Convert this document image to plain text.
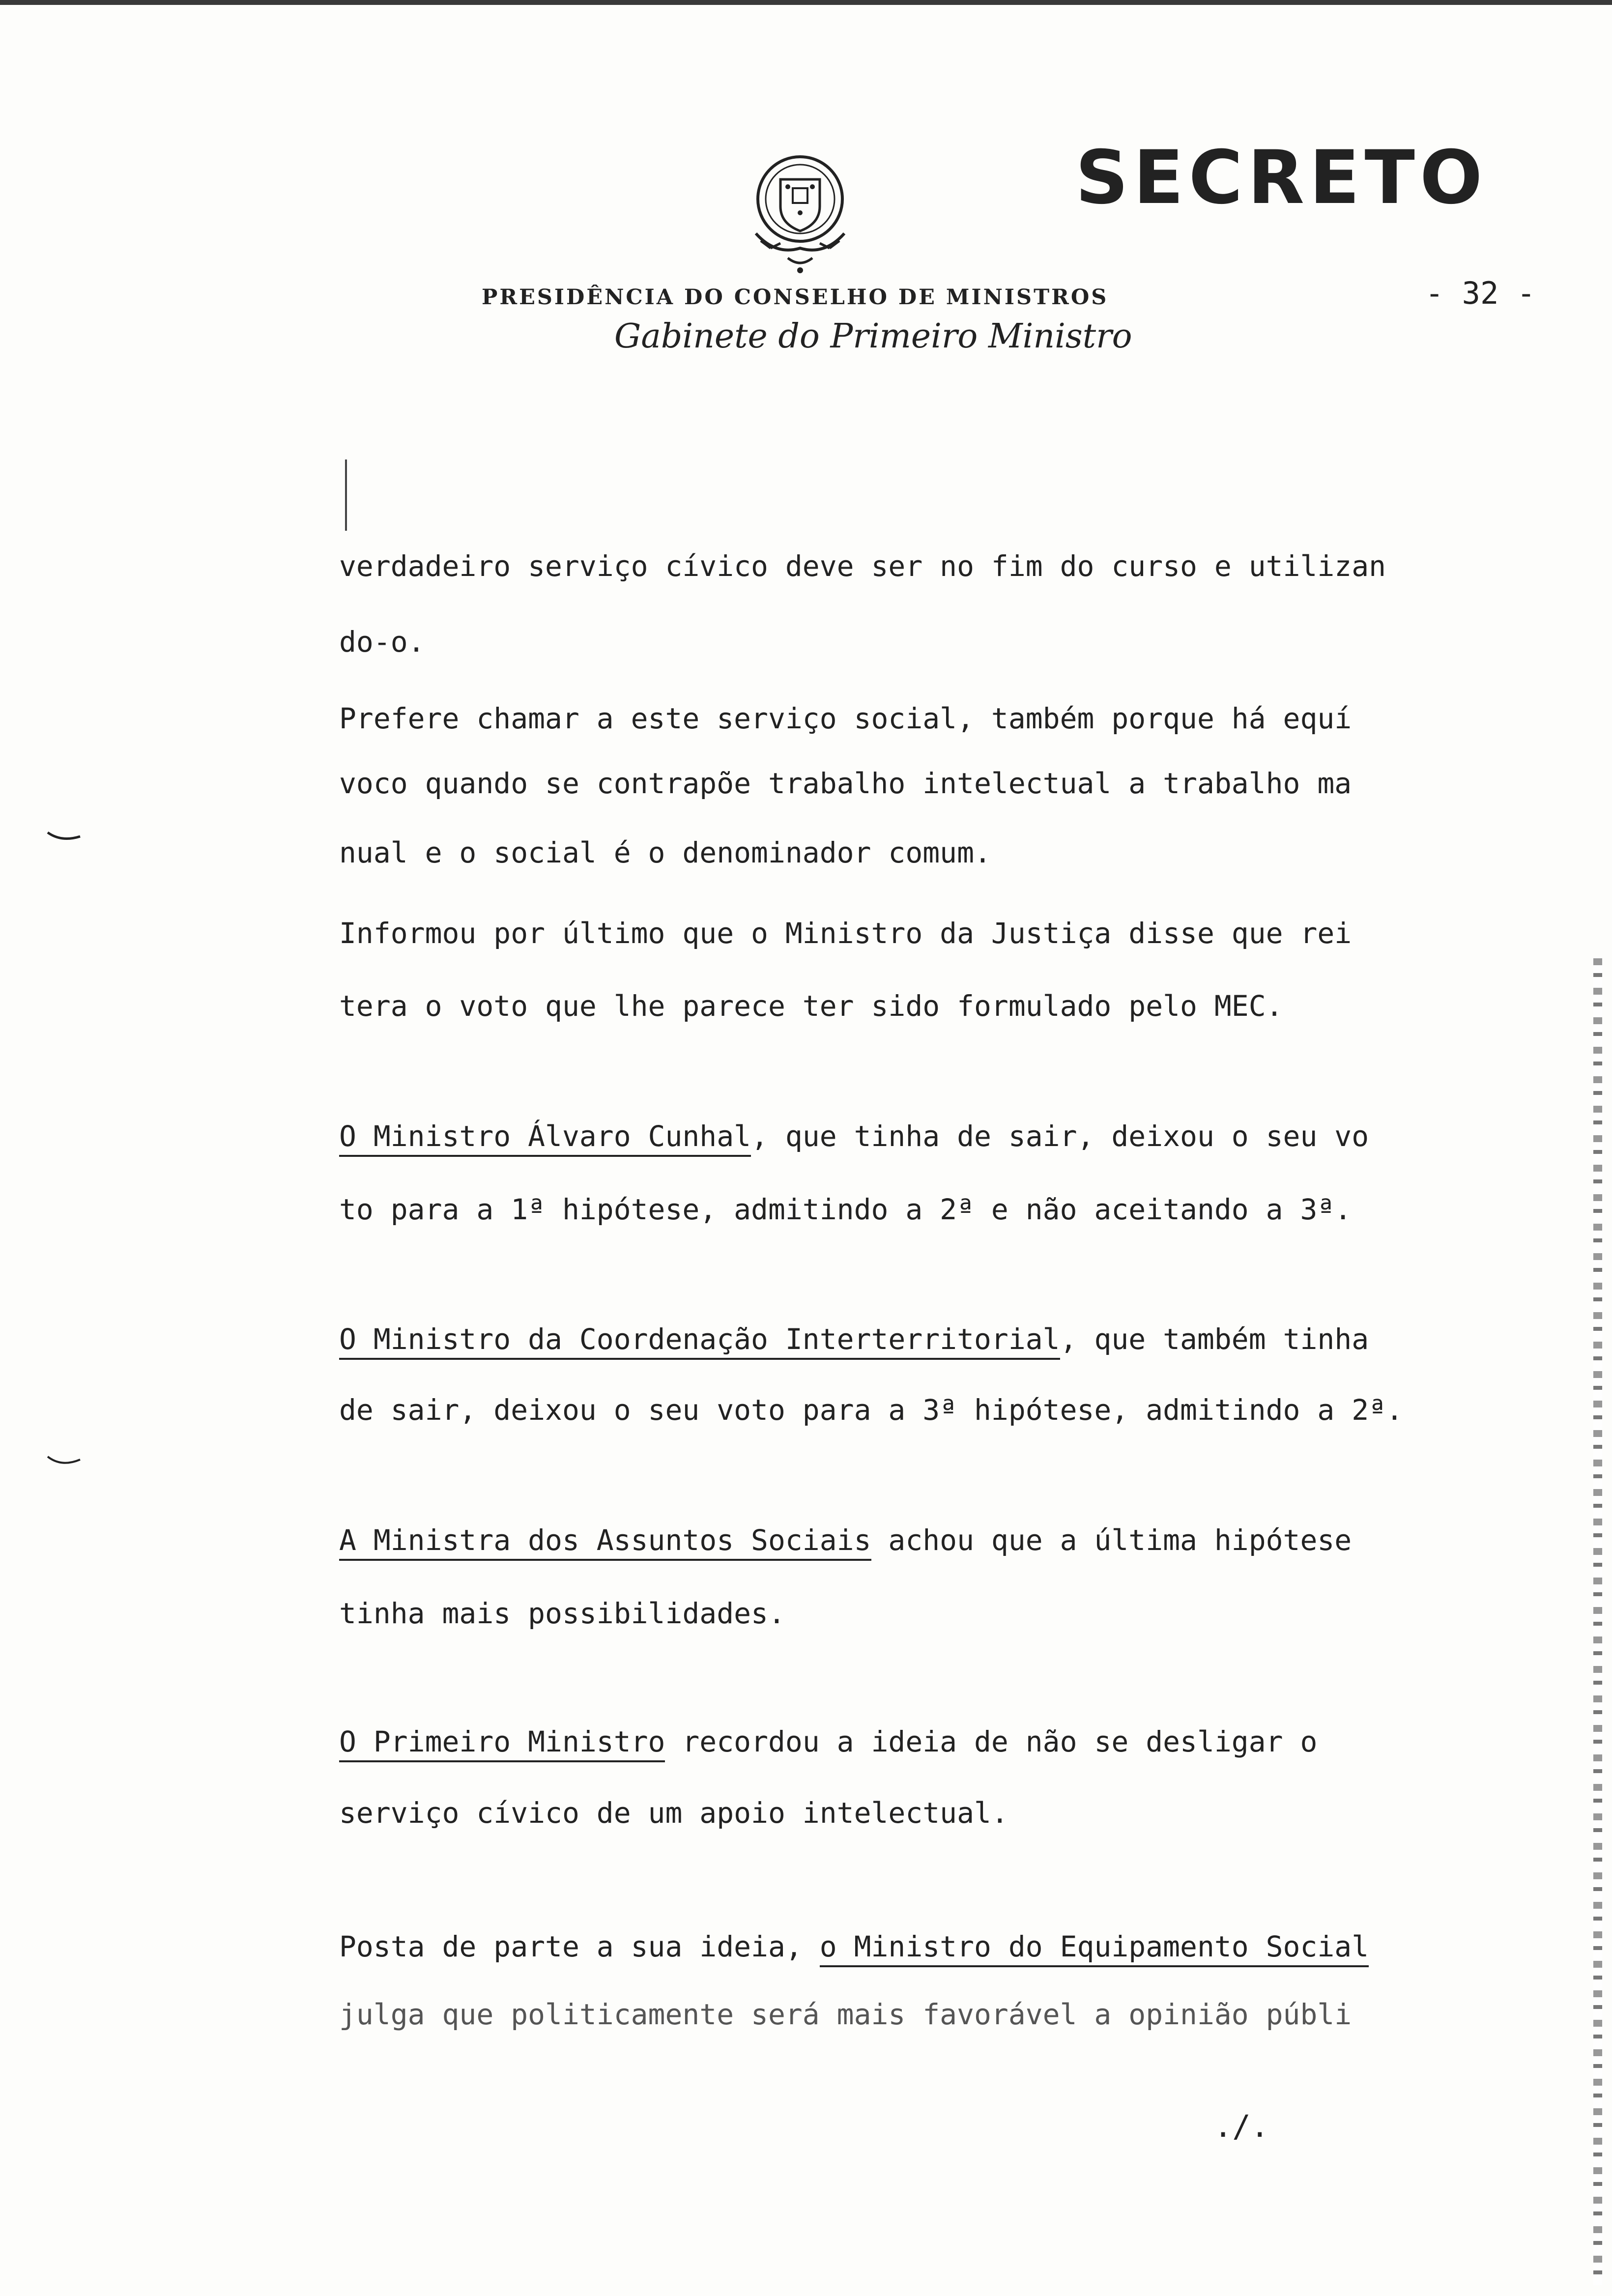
SECRETO
- 32 -
PRESIDÊNCIA DO CONSELHO DE MINISTROS
Gabinete do Primeiro Ministro
verdadeiro serviço cívico deve ser no fim do curso e utilizan
do-o.
Prefere chamar a este serviço social, também porque há equí
voco quando se contrapõe trabalho intelectual a trabalho ma
nual e o social é o denominador comum.
Informou por último que o Ministro da Justiça disse que rei
tera o voto que lhe parece ter sido formulado pelo MEC.
O Ministro Álvaro Cunhal, que tinha de sair, deixou o seu vo
to para a 1ª hipótese, admitindo a 2ª e não aceitando a 3ª.
O Ministro da Coordenação Interterritorial, que também tinha
de sair, deixou o seu voto para a 3ª hipótese, admitindo a 2ª.
A Ministra dos Assuntos Sociais achou que a última hipótese
tinha mais possibilidades.
O Primeiro Ministro recordou a ideia de não se desligar o
serviço cívico de um apoio intelectual.
Posta de parte a sua ideia, o Ministro do Equipamento Social
julga que politicamente será mais favorável a opinião públi
./.
